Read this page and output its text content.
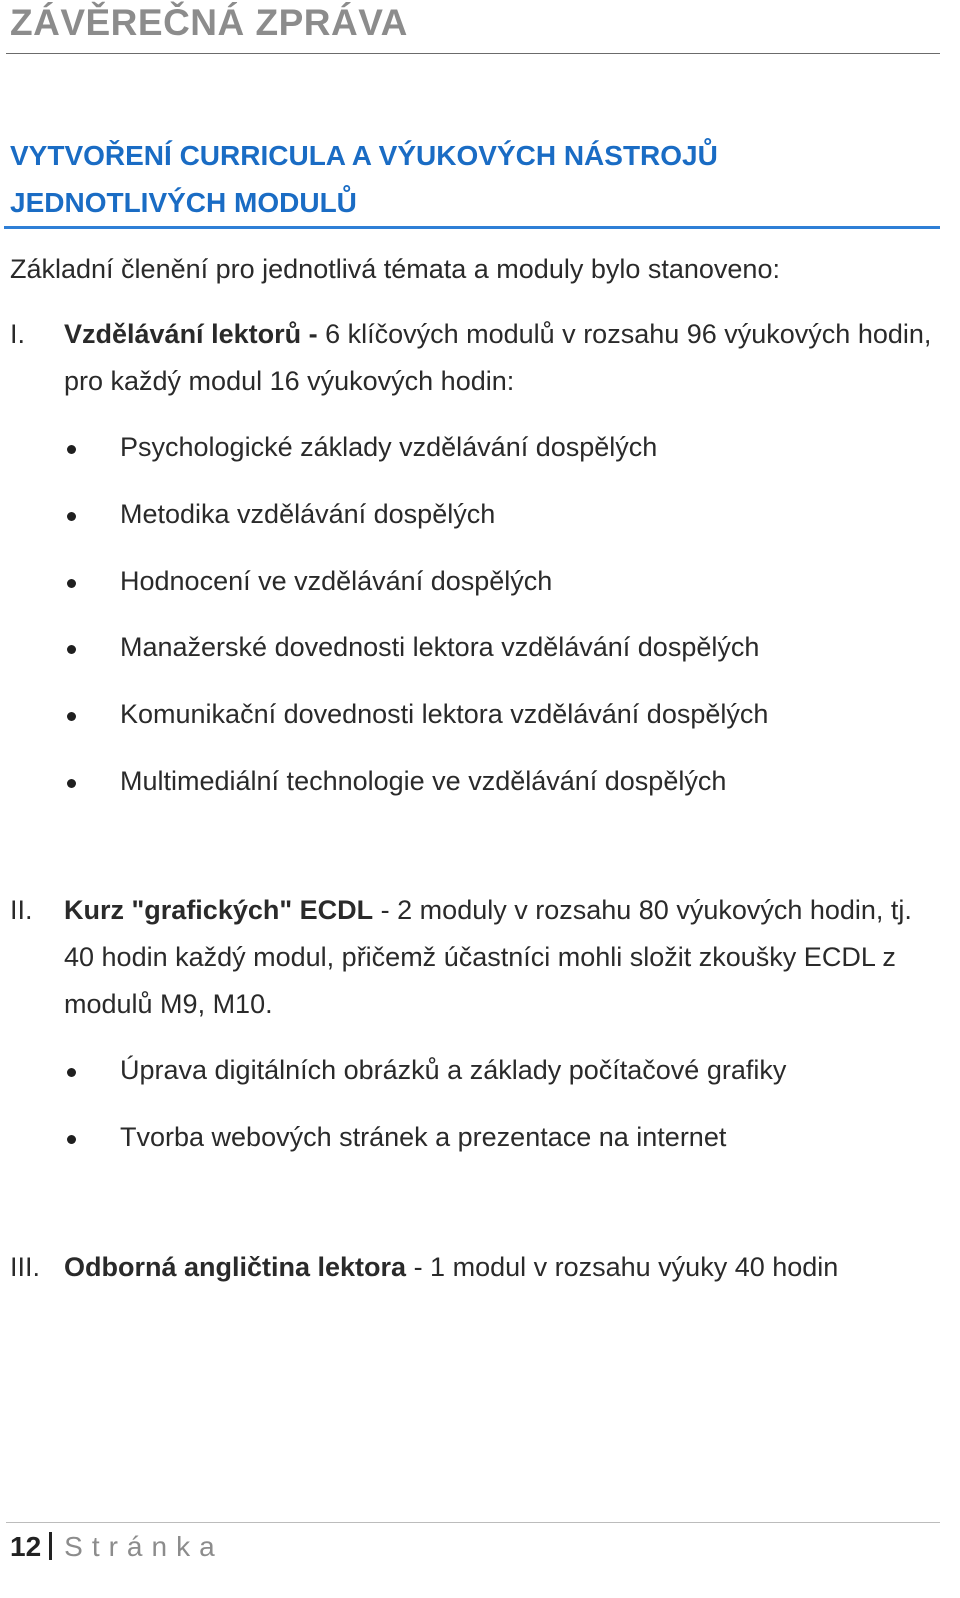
ZÁVĚREČNÁ ZPRÁVA
VYTVOŘENÍ CURRICULA A VÝUKOVÝCH NÁSTROJŮ JEDNOTLIVÝCH MODULŮ
Základní členění pro jednotlivá témata a moduly bylo stanoveno:
I. Vzdělávání lektorů - 6 klíčových modulů v rozsahu 96 výukových hodin, pro každý modul 16 výukových hodin:
Psychologické základy vzdělávání dospělých
Metodika vzdělávání dospělých
Hodnocení ve vzdělávání dospělých
Manažerské dovednosti lektora vzdělávání dospělých
Komunikační dovednosti lektora vzdělávání dospělých
Multimediální technologie ve vzdělávání dospělých
II. Kurz "grafických" ECDL - 2 moduly v rozsahu 80 výukových hodin, tj. 40 hodin každý modul, přičemž účastníci mohli složit zkoušky ECDL z modulů M9, M10.
Úprava digitálních obrázků a základy počítačové grafiky
Tvorba webových stránek a prezentace na internet
III. Odborná angličtina lektora - 1 modul v rozsahu výuky 40 hodin
12 Stránka
